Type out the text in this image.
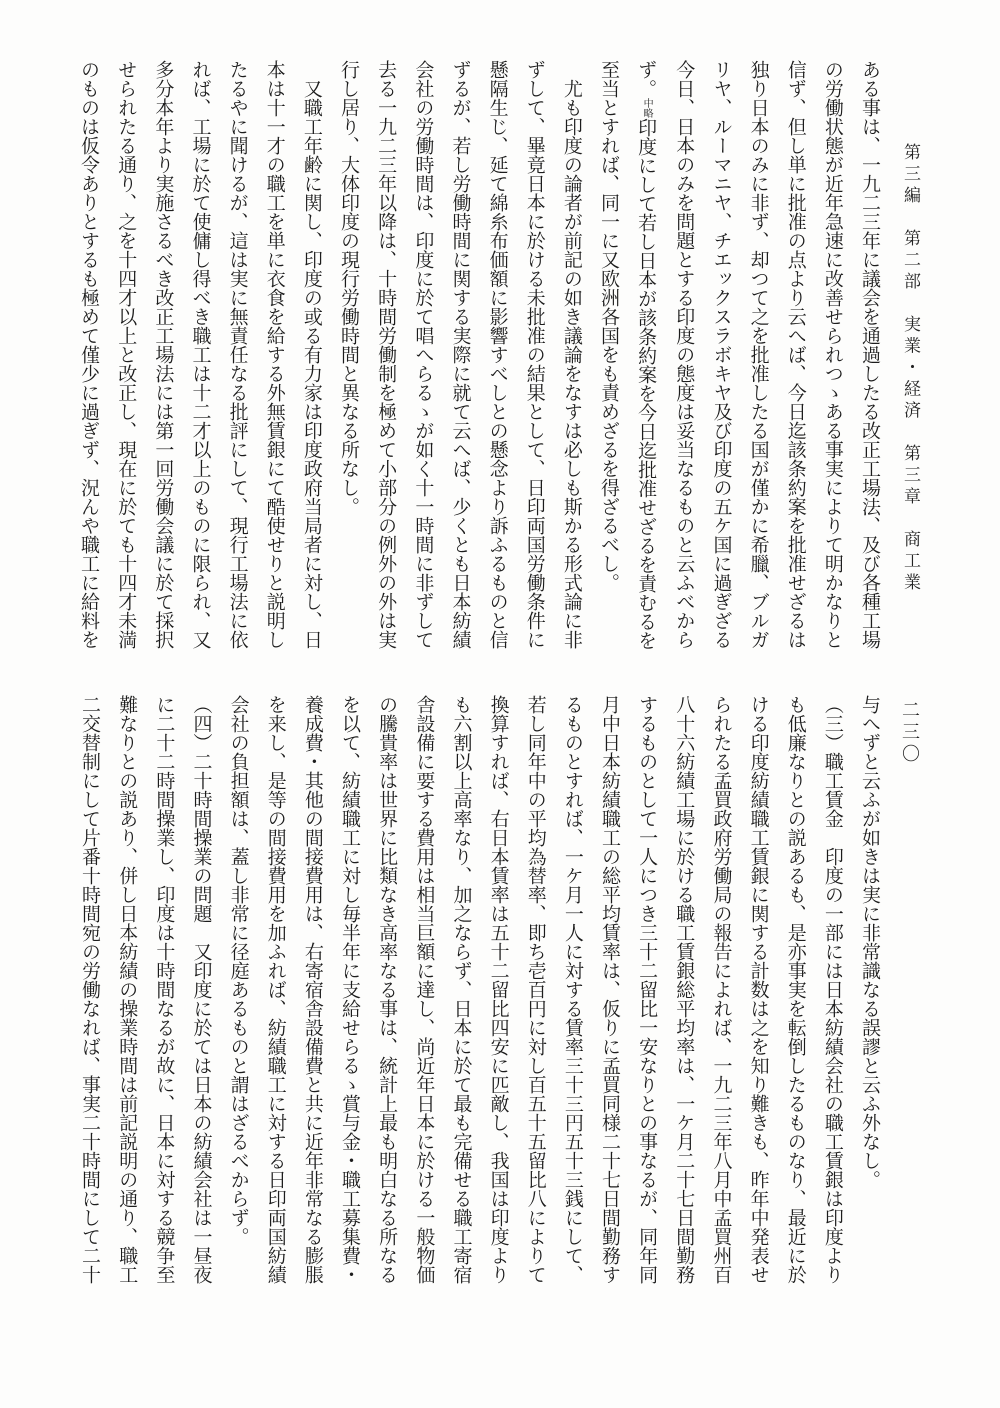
第三編　第二部　実業・経済　第三章　商工業
二三〇
ある事は、一九二三年に議会を通過したる改正工場法、及び各種工場
の労働状態が近年急速に改善せられつゝある事実によりて明かなりと
信ず、但し単に批准の点より云へば、今日迄該条約案を批准せざるは
独り日本のみに非ず、却つて之を批准したる国が僅かに希臘、ブルガ
リヤ、ルーマニヤ、チエックスラボキヤ及び印度の五ケ国に過ぎざる
今日、日本のみを問題とする印度の態度は妥当なるものと云ふべから
ず。中略印度にして若し日本が該条約案を今日迄批准せざるを責むるを
至当とすれば、同一に又欧洲各国をも責めざるを得ざるべし。
　尤も印度の論者が前記の如き議論をなすは必しも斯かる形式論に非
ずして、畢竟日本に於ける未批准の結果として、日印両国労働条件に
懸隔生じ、延て綿糸布価額に影響すべしとの懸念より訴ふるものと信
ずるが、若し労働時間に関する実際に就て云へば、少くとも日本紡績
会社の労働時間は、印度に於て唱へらるゝが如く十一時間に非ずして
去る一九二三年以降は、十時間労働制を極めて小部分の例外の外は実
行し居り、大体印度の現行労働時間と異なる所なし。
　又職工年齢に関し、印度の或る有力家は印度政府当局者に対し、日
本は十一才の職工を単に衣食を給する外無賃銀にて酷使せりと説明し
たるやに聞けるが、這は実に無責任なる批評にして、現行工場法に依
れば、工場に於て使傭し得べき職工は十二才以上のものに限られ、又
多分本年より実施さるべき改正工場法には第一回労働会議に於て採択
せられたる通り、之を十四才以上と改正し、現在に於ても十四才未満
のものは仮令ありとするも極めて僅少に過ぎず、況んや職工に給料を
与へずと云ふが如きは実に非常識なる誤謬と云ふ外なし。
（三）職工賃金　印度の一部には日本紡績会社の職工賃銀は印度より
も低廉なりとの説あるも、是亦事実を転倒したるものなり、最近に於
ける印度紡績職工賃銀に関する計数は之を知り難きも、昨年中発表せ
られたる孟買政府労働局の報告によれば、一九二三年八月中孟買州百
八十六紡績工場に於ける職工賃銀総平均率は、一ケ月二十七日間勤務
するものとして一人につき三十二留比一安なりとの事なるが、同年同
月中日本紡績職工の総平均賃率は、仮りに孟買同様二十七日間勤務す
るものとすれば、一ケ月一人に対する賃率三十三円五十三銭にして、
若し同年中の平均為替率、即ち壱百円に対し百五十五留比八によりて
換算すれば、右日本賃率は五十二留比四安に匹敵し、我国は印度より
も六割以上高率なり、加之ならず、日本に於て最も完備せる職工寄宿
舎設備に要する費用は相当巨額に達し、尚近年日本に於ける一般物価
の騰貴率は世界に比類なき高率なる事は、統計上最も明白なる所なる
を以て、紡績職工に対し毎半年に支給せらるゝ賞与金・職工募集費・
養成費・其他の間接費用は、右寄宿舎設備費と共に近年非常なる膨脹
を来し、是等の間接費用を加ふれば、紡績職工に対する日印両国紡績
会社の負担額は、蓋し非常に径庭あるものと謂はざるべからず。
（四）二十時間操業の問題　又印度に於ては日本の紡績会社は一昼夜
に二十二時間操業し、印度は十時間なるが故に、日本に対する競争至
難なりとの説あり、併し日本紡績の操業時間は前記説明の通り、職工
二交替制にして片番十時間宛の労働なれば、事実二十時間にして二十
